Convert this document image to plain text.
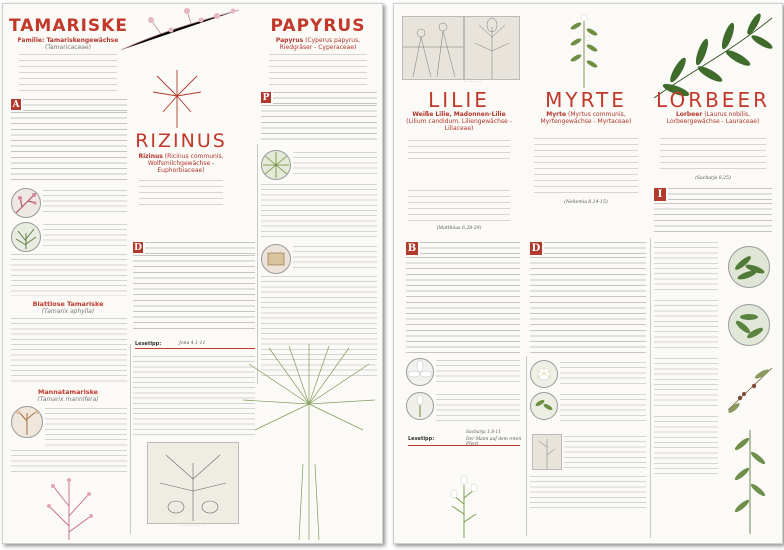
TAMARISKE
Familie: Tamariskengewächse
(Tamaricaceae)
A
Blattlose Tamariske
(Tamarix aphylla)
Mannatamariske
(Tamarix mannifera)
RIZINUS
Rizinus (Ricinus communis, Wolfsmilchgewächse - Euphorbiaceae)
D
Lesetipp:	Jona 4,1-11
· · · · · · · · · · · ·
PAPYRUS
Papyrus (Cyperus papyrus, Riedgräser - Cyperaceae)
P
· · · · · · · ·
LILIE
Weiße Lilie, Madonnen-Lilie
(Lilium candidum, Liliengewächse - Liliaceae)
(Matthäus 6,28-29)
B
Lesetipp:
Sacharja 1,8-11
Der Mann auf dem roten
MYRTE
Myrte (Myrtus communis, Myrtengewächse - Myrtaceae)
(Nehemia 8,14-15)
D
LORBEER
Lorbeer (Laurus nobilis, Lorbeergewächse - Lauraceae)
(Sacharja 8,25)
I
